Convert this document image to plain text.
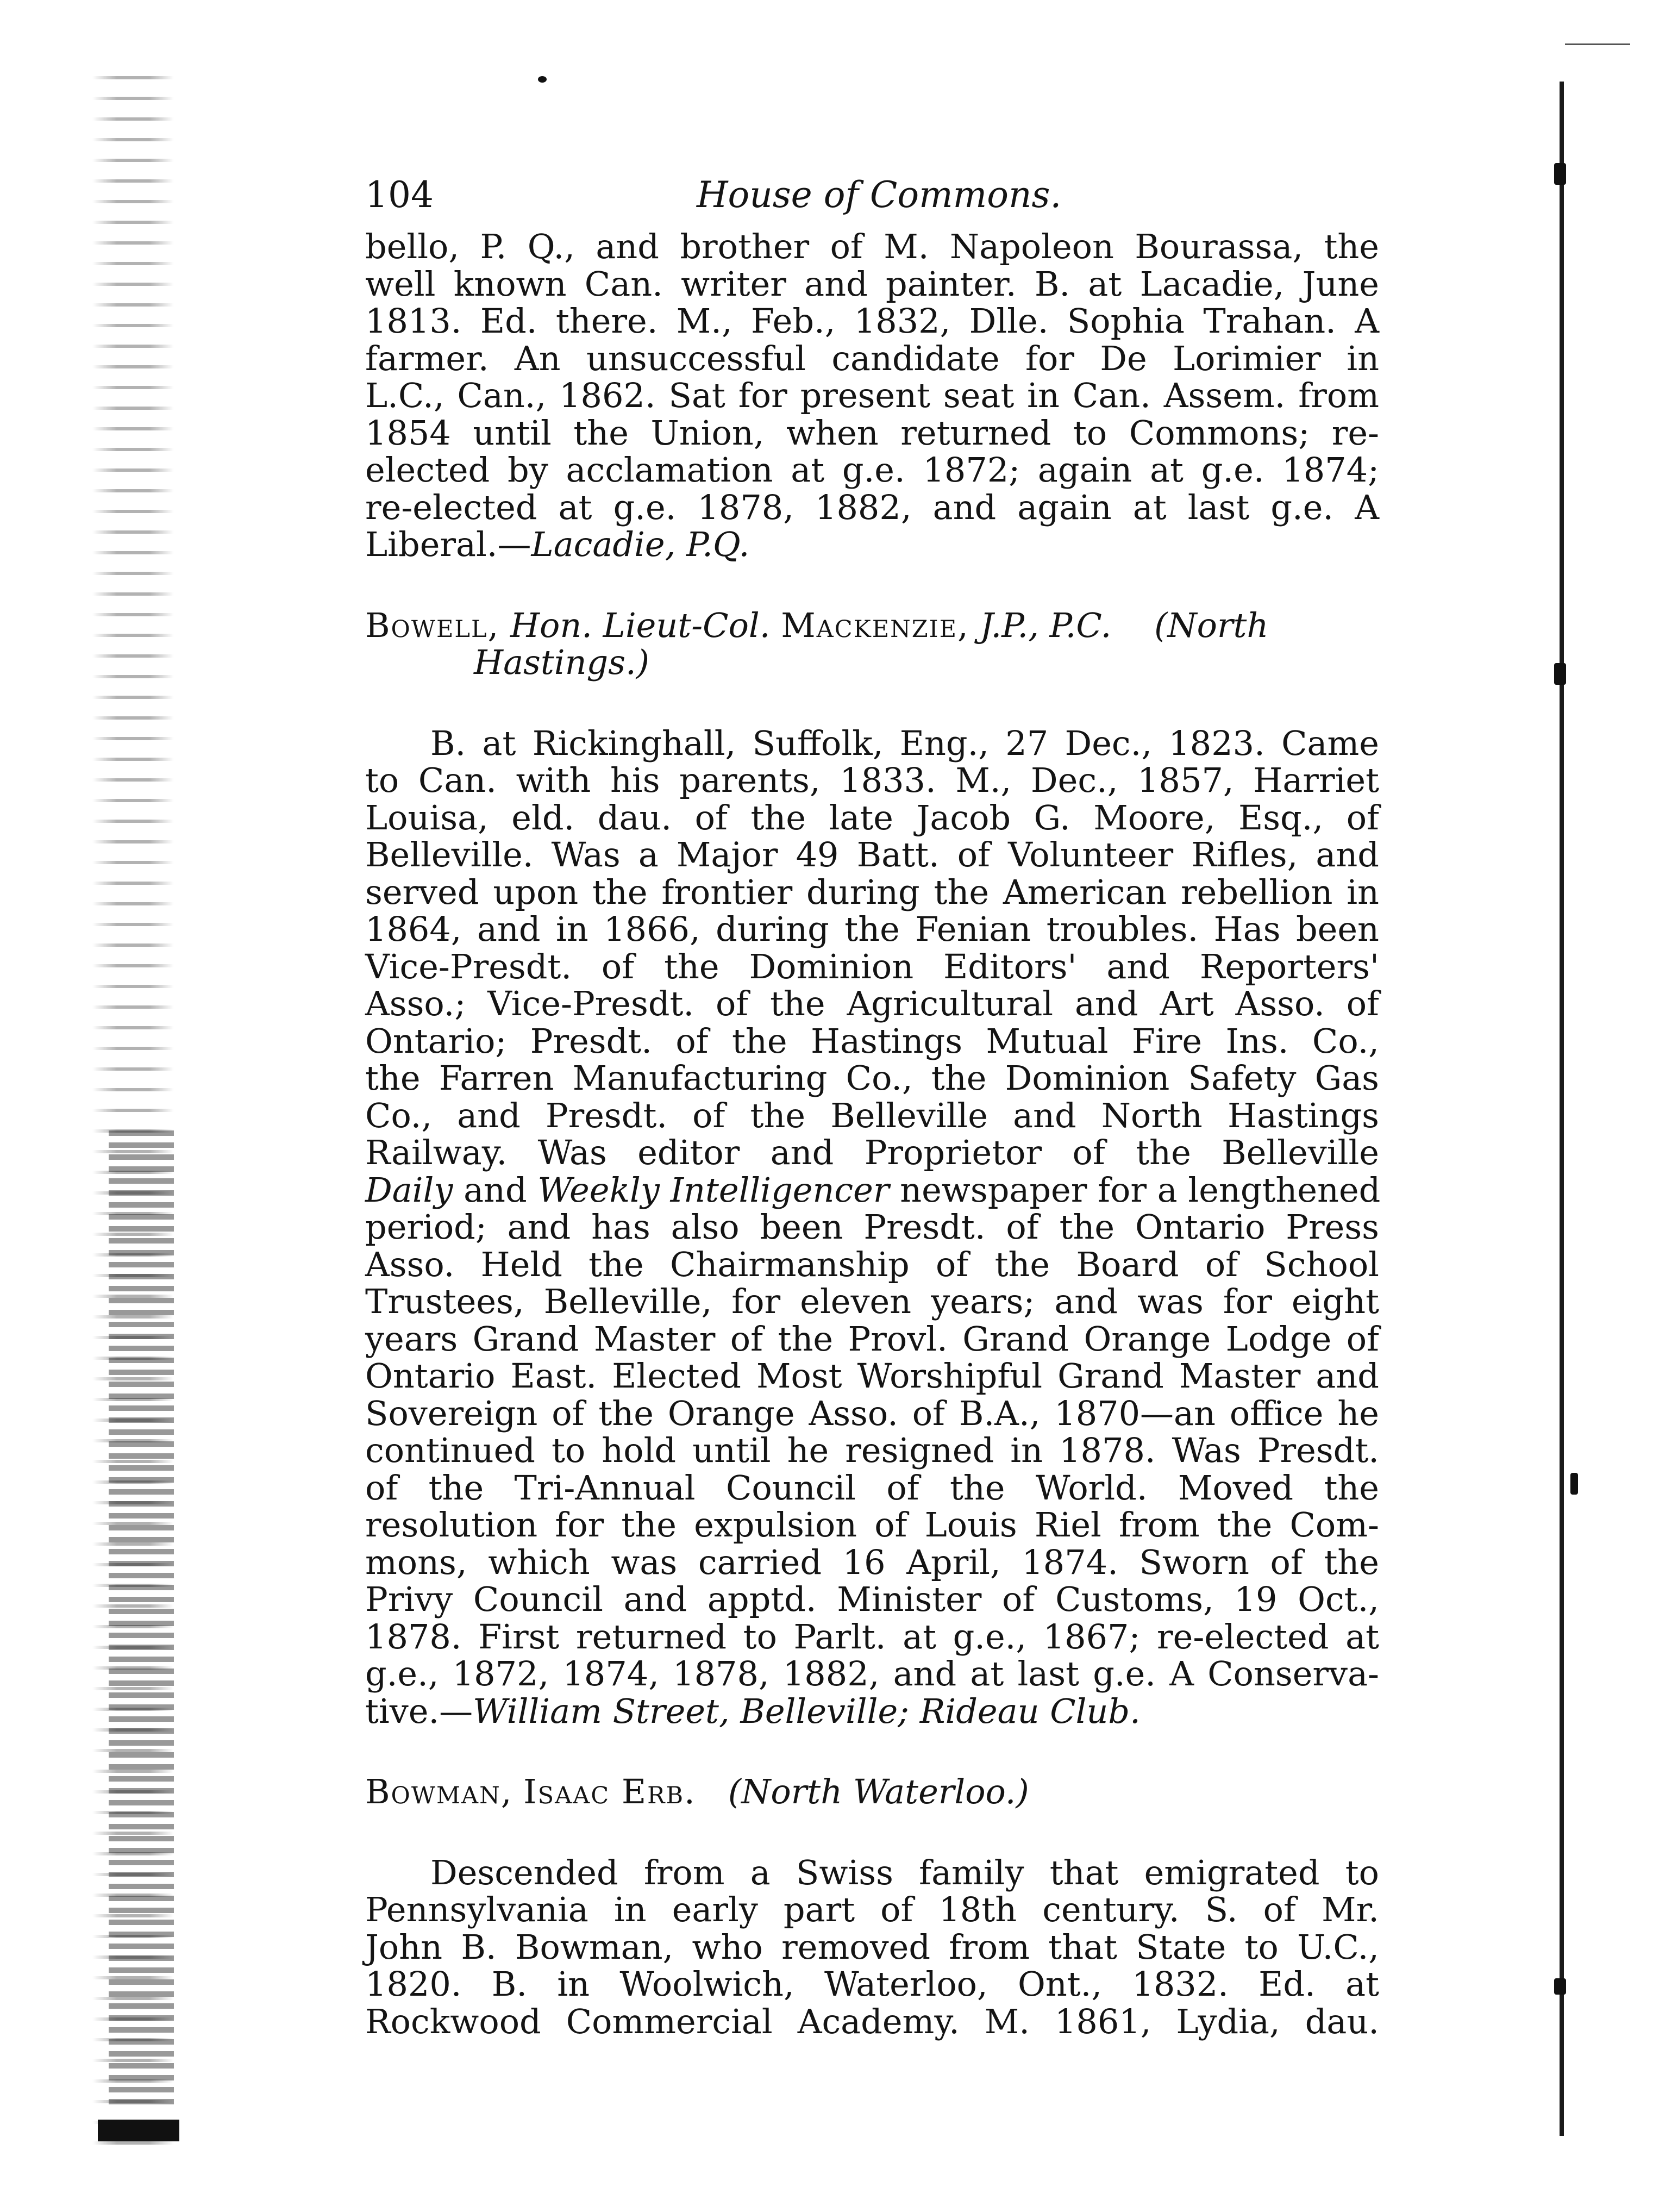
104	House of Commons.
bello, P. Q., and brother of M. Napoleon Bourassa, the
well known Can. writer and painter. B. at Lacadie, June
1813. Ed. there. M., Feb., 1832, Dlle. Sophia Trahan. A
farmer. An unsuccessful candidate for De Lorimier in
L.C., Can., 1862. Sat for present seat in Can. Assem. from
1854 until the Union, when returned to Commons; re-
elected by acclamation at g.e. 1872; again at g.e. 1874;
re-elected at g.e. 1878, 1882, and again at last g.e. A
Liberal.—Lacadie, P.Q.

Bowell, Hon. Lieut-Col. Mackenzie, J.P., P.C. (North
Hastings.)

B. at Rickinghall, Suffolk, Eng., 27 Dec., 1823. Came
to Can. with his parents, 1833. M., Dec., 1857, Harriet
Louisa, eld. dau. of the late Jacob G. Moore, Esq., of
Belleville. Was a Major 49 Batt. of Volunteer Rifles, and
served upon the frontier during the American rebellion in
1864, and in 1866, during the Fenian troubles. Has been
Vice-Presdt. of the Dominion Editors' and Reporters'
Asso.; Vice-Presdt. of the Agricultural and Art Asso. of
Ontario; Presdt. of the Hastings Mutual Fire Ins. Co.,
the Farren Manufacturing Co., the Dominion Safety Gas
Co., and Presdt. of the Belleville and North Hastings
Railway. Was editor and Proprietor of the Belleville
Daily and Weekly Intelligencer newspaper for a lengthened
period; and has also been Presdt. of the Ontario Press
Asso. Held the Chairmanship of the Board of School
Trustees, Belleville, for eleven years; and was for eight
years Grand Master of the Provl. Grand Orange Lodge of
Ontario East. Elected Most Worshipful Grand Master and
Sovereign of the Orange Asso. of B.A., 1870—an office he
continued to hold until he resigned in 1878. Was Presdt.
of the Tri-Annual Council of the World. Moved the
resolution for the expulsion of Louis Riel from the Com-
mons, which was carried 16 April, 1874. Sworn of the
Privy Council and apptd. Minister of Customs, 19 Oct.,
1878. First returned to Parlt. at g.e., 1867; re-elected at
g.e., 1872, 1874, 1878, 1882, and at last g.e. A Conserva-
tive.—William Street, Belleville; Rideau Club.

Bowman, Isaac Erb. (North Waterloo.)

Descended from a Swiss family that emigrated to
Pennsylvania in early part of 18th century. S. of Mr.
John B. Bowman, who removed from that State to U.C.,
1820. B. in Woolwich, Waterloo, Ont., 1832. Ed. at
Rockwood Commercial Academy. M. 1861, Lydia, dau.
